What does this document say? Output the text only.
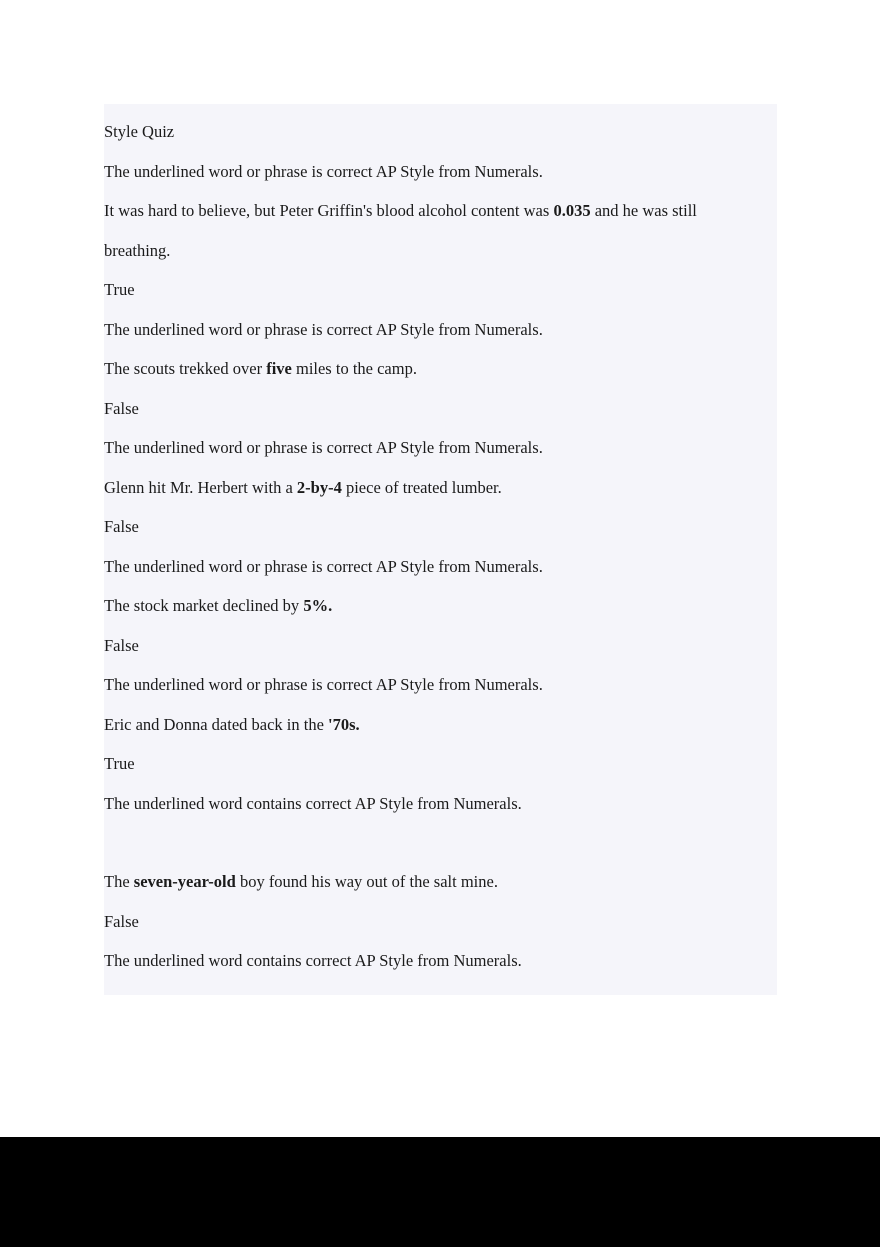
Style Quiz

The underlined word or phrase is correct AP Style from Numerals.

It was hard to believe, but Peter Griffin's blood alcohol content was 0.035 and he was still breathing.

True

The underlined word or phrase is correct AP Style from Numerals.

The scouts trekked over five miles to the camp.

False

The underlined word or phrase is correct AP Style from Numerals.

Glenn hit Mr. Herbert with a 2-by-4 piece of treated lumber.

False

The underlined word or phrase is correct AP Style from Numerals.

The stock market declined by 5%.

False

The underlined word or phrase is correct AP Style from Numerals.

Eric and Donna dated back in the '70s.

True

The underlined word contains correct AP Style from Numerals.

The seven-year-old boy found his way out of the salt mine.

False

The underlined word contains correct AP Style from Numerals.
